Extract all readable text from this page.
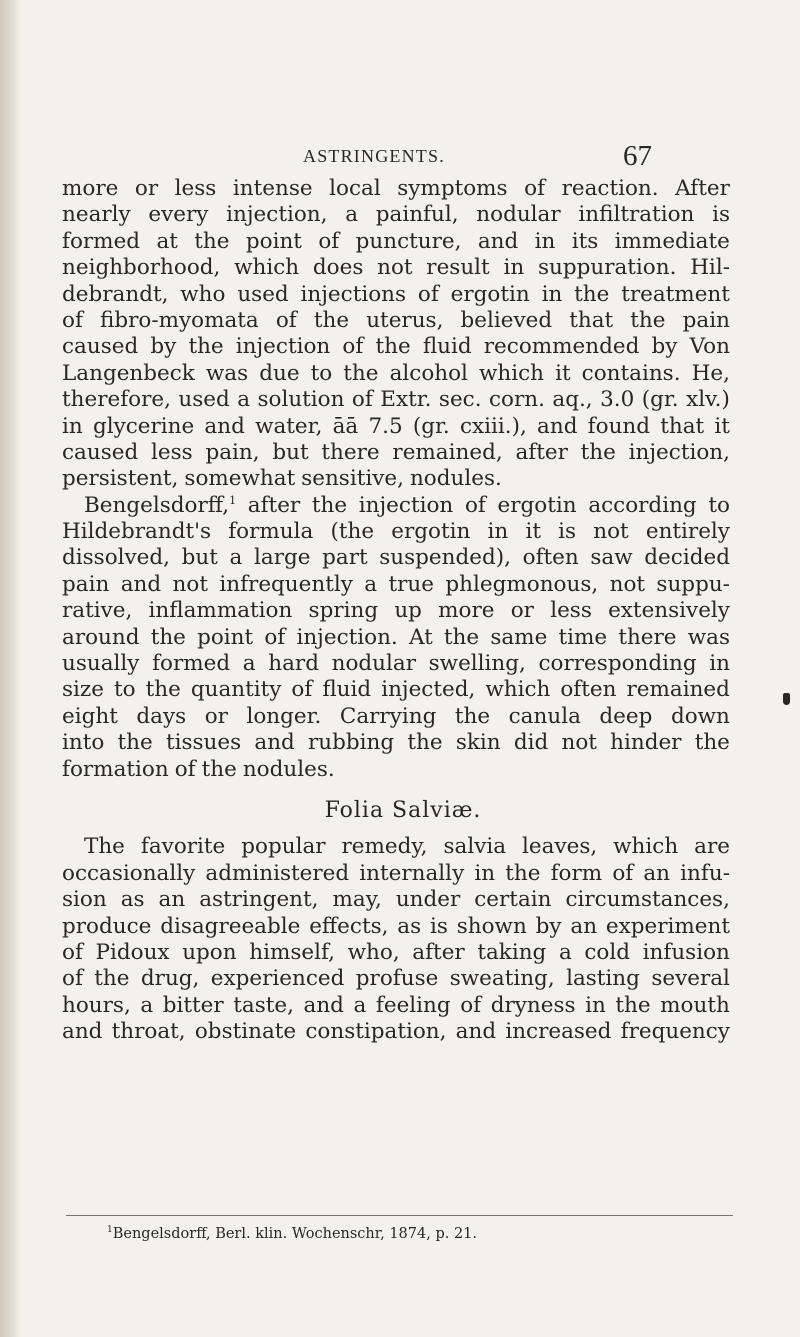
ASTRINGENTS.	67
more or less intense local symptoms of reaction. After
nearly every injection, a painful, nodular infiltration is
formed at the point of puncture, and in its immediate
neighborhood, which does not result in suppuration. Hil-
debrandt, who used injections of ergotin in the treatment
of fibro-myomata of the uterus, believed that the pain
caused by the injection of the fluid recommended by Von
Langenbeck was due to the alcohol which it contains. He,
therefore, used a solution of Extr. sec. corn. aq., 3.0 (gr. xlv.)
in glycerine and water, āā 7.5 (gr. cxiii.), and found that it
caused less pain, but there remained, after the injection,
persistent, somewhat sensitive, nodules.
Bengelsdorff,$^1$ after the injection of ergotin according to
Hildebrandt's formula (the ergotin in it is not entirely
dissolved, but a large part suspended), often saw decided
pain and not infrequently a true phlegmonous, not suppu-
rative, inflammation spring up more or less extensively
around the point of injection. At the same time there was
usually formed a hard nodular swelling, corresponding in
size to the quantity of fluid injected, which often remained
eight days or longer. Carrying the canula deep down
into the tissues and rubbing the skin did not hinder the
formation of the nodules.
Folia Salviæ.
The favorite popular remedy, salvia leaves, which are
occasionally administered internally in the form of an infu-
sion as an astringent, may, under certain circumstances,
produce disagreeable effects, as is shown by an experiment
of Pidoux upon himself, who, after taking a cold infusion
of the drug, experienced profuse sweating, lasting several
hours, a bitter taste, and a feeling of dryness in the mouth
and throat, obstinate constipation, and increased frequency
$^1$Bengelsdorff, Berl. klin. Wochenschr, 1874, p. 21.
